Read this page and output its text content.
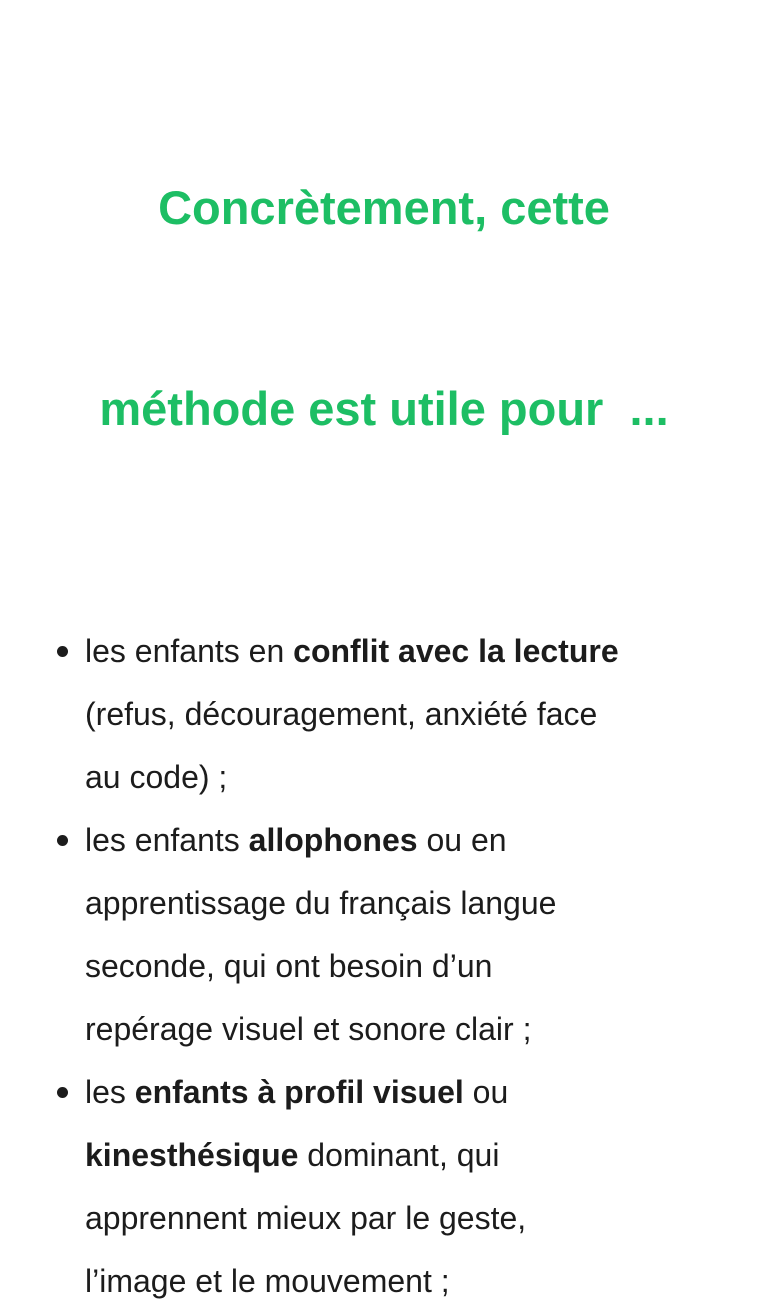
Concrètement, cette

méthode est utile pour  ...

les enfants en conflit avec la lecture
(refus, découragement, anxiété face
au code) ;
les enfants allophones ou en
apprentissage du français langue
seconde, qui ont besoin d’un
repérage visuel et sonore clair ;
les enfants à profil visuel ou
kinesthésique dominant, qui
apprennent mieux par le geste,
l’image et le mouvement ;
